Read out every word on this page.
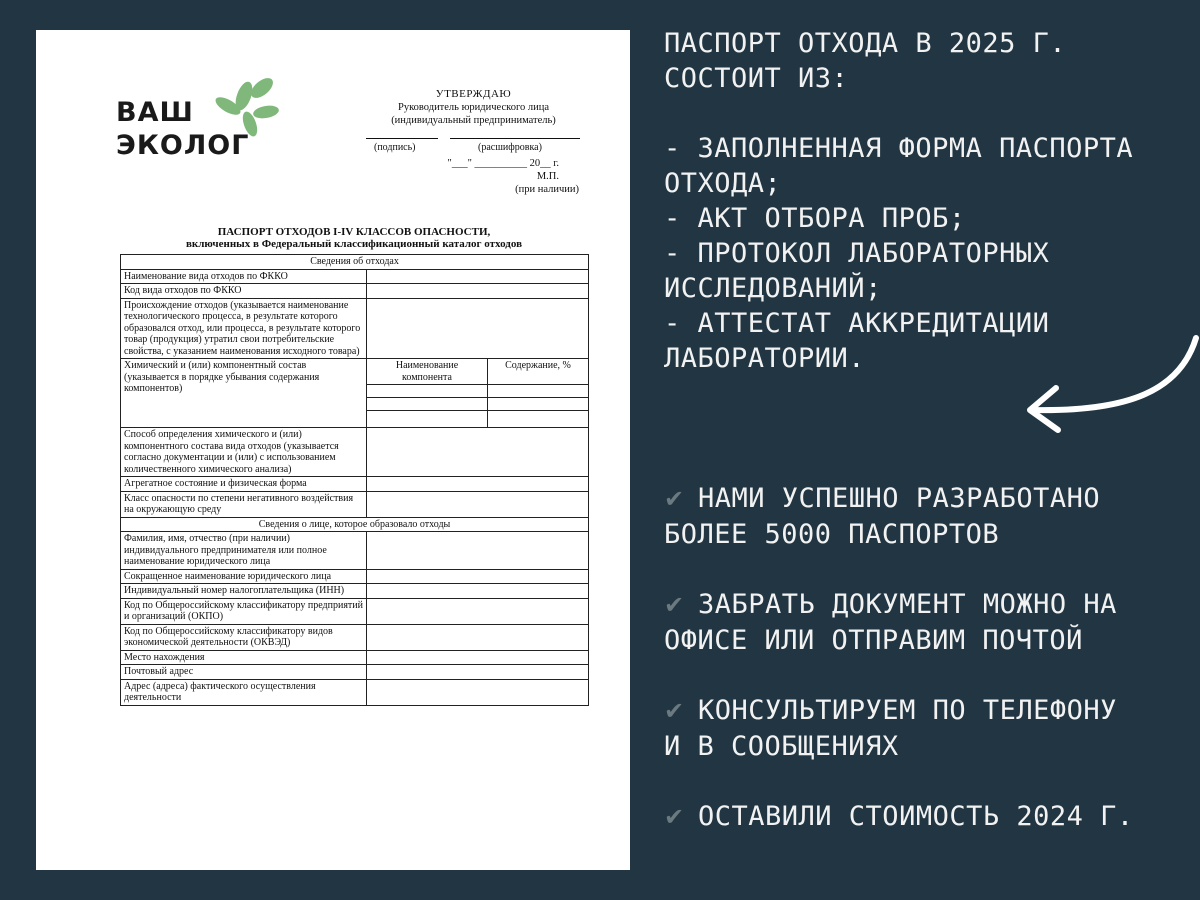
ВАШ
ЭКОЛОГ
УТВЕРЖДАЮ
Руководитель юридического лица
(индивидуальный предприниматель)
(подпись)	(расшифровка)
"___" __________ 20__ г.
М.П.
(при наличии)
ПАСПОРТ ОТХОДОВ I-IV КЛАССОВ ОПАСНОСТИ,
включенных в Федеральный классификационный каталог отходов
Сведения об отходах		
Наименование вида отходов по ФККО		
Код вида отходов по ФККО		
Происхождение отходов (указывается наименование технологического процесса, в результате которого образовался отход, или процесса, в результате которого товар (продукция) утратил свои потребительские свойства, с указанием наименования исходного товара)		
Химический и (или) компонентный состав (указывается в порядке убывания содержания компонентов)	Наименование компонента	Содержание, %

Способ определения химического и (или) компонентного состава вида отходов (указывается согласно документации и (или) с использованием количественного химического анализа)		
Агрегатное состояние и физическая форма		
Класс опасности по степени негативного воздействия на окружающую среду		
Сведения о лице, которое образовало отходы		
Фамилия, имя, отчество (при наличии) индивидуального предпринимателя или полное наименование юридического лица		
Сокращенное наименование юридического лица		
Индивидуальный номер налогоплательщика (ИНН)		
Код по Общероссийскому классификатору предприятий и организаций (ОКПО)		
Код по Общероссийскому классификатору видов экономической деятельности (ОКВЭД)		
Место нахождения		
Почтовый адрес		
Адрес (адреса) фактического осуществления деятельности		
ПАСПОРТ ОТХОДА В 2025 Г.
СОСТОИТ ИЗ:
- ЗАПОЛНЕННАЯ ФОРМА ПАСПОРТА
ОТХОДА;
- АКТ ОТБОРА ПРОБ;
- ПРОТОКОЛ ЛАБОРАТОРНЫХ
ИССЛЕДОВАНИЙ;
- АТТЕСТАТ АККРЕДИТАЦИИ
ЛАБОРАТОРИИ.
✔ НАМИ УСПЕШНО РАЗРАБОТАНО
БОЛЕЕ 5000 ПАСПОРТОВ
✔ ЗАБРАТЬ ДОКУМЕНТ МОЖНО НА
ОФИСЕ ИЛИ ОТПРАВИМ ПОЧТОЙ
✔ КОНСУЛЬТИРУЕМ ПО ТЕЛЕФОНУ
И В СООБЩЕНИЯХ
✔ ОСТАВИЛИ СТОИМОСТЬ 2024 Г.
